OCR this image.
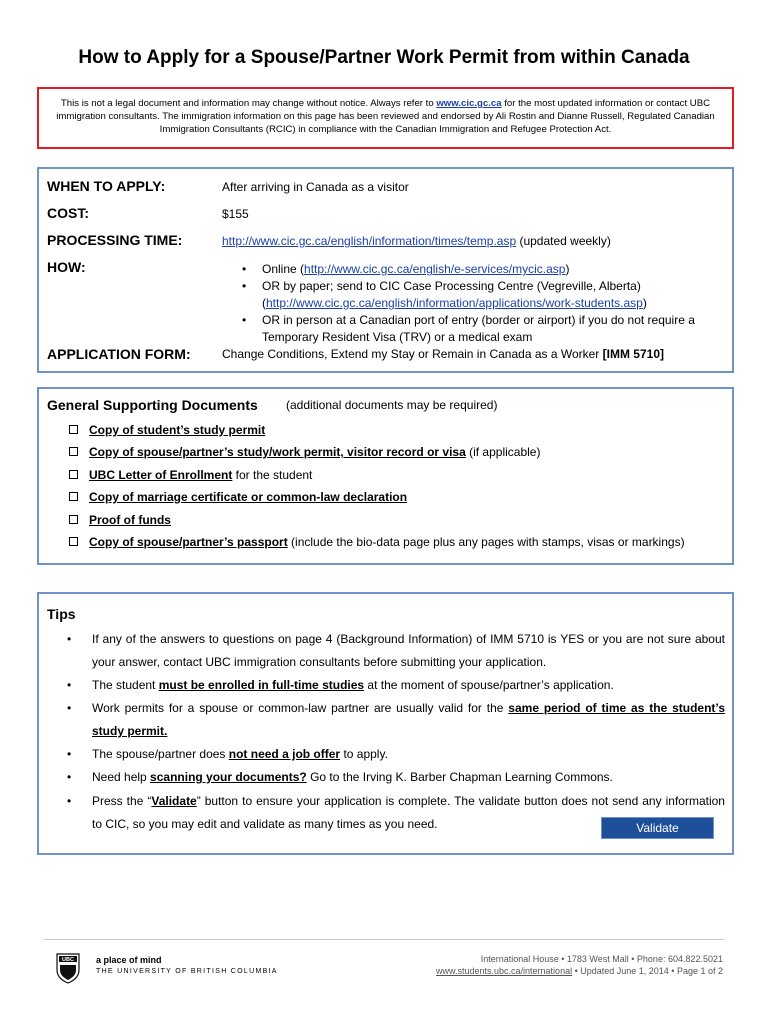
How to Apply for a Spouse/Partner Work Permit from within Canada
This is not a legal document and information may change without notice. Always refer to www.cic.gc.ca for the most updated information or contact UBC immigration consultants. The immigration information on this page has been reviewed and endorsed by Ali Rostin and Dianne Russell, Regulated Canadian Immigration Consultants (RCIC) in compliance with the Canadian Immigration and Refugee Protection Act.
WHEN TO APPLY:	After arriving in Canada as a visitor
COST:	$155
PROCESSING TIME:	http://www.cic.gc.ca/english/information/times/temp.asp (updated weekly)
HOW:
•	Online (http://www.cic.gc.ca/english/e-services/mycic.asp)
• OR by paper; send to CIC Case Processing Centre (Vegreville, Alberta) (http://www.cic.gc.ca/english/information/applications/work-students.asp)
• OR in person at a Canadian port of entry (border or airport) if you do not require a Temporary Resident Visa (TRV) or a medical exam
APPLICATION FORM:	Change Conditions, Extend my Stay or Remain in Canada as a Worker [IMM 5710]
General Supporting Documents (additional documents may be required)
Copy of student’s study permit
Copy of spouse/partner’s study/work permit, visitor record or visa (if applicable)
UBC Letter of Enrollment for the student
Copy of marriage certificate or common-law declaration
Proof of funds
Copy of spouse/partner’s passport (include the bio-data page plus any pages with stamps, visas or markings)
Tips
• If any of the answers to questions on page 4 (Background Information) of IMM 5710 is YES or you are not sure about your answer, contact UBC immigration consultants before submitting your application.
• The student must be enrolled in full-time studies at the moment of spouse/partner’s application.
• Work permits for a spouse or common-law partner are usually valid for the same period of time as the student’s study permit.
• The spouse/partner does not need a job offer to apply.
• Need help scanning your documents? Go to the Irving K. Barber Chapman Learning Commons.
• Press the “Validate” button to ensure your application is complete. The validate button does not send any information to CIC, so you may edit and validate as many times as you need.	Validate
UBC a place of mind
THE UNIVERSITY OF BRITISH COLUMBIA
International House • 1783 West Mall • Phone: 604.822.5021
www.students.ubc.ca/international • Updated June 1, 2014 • Page 1 of 2
